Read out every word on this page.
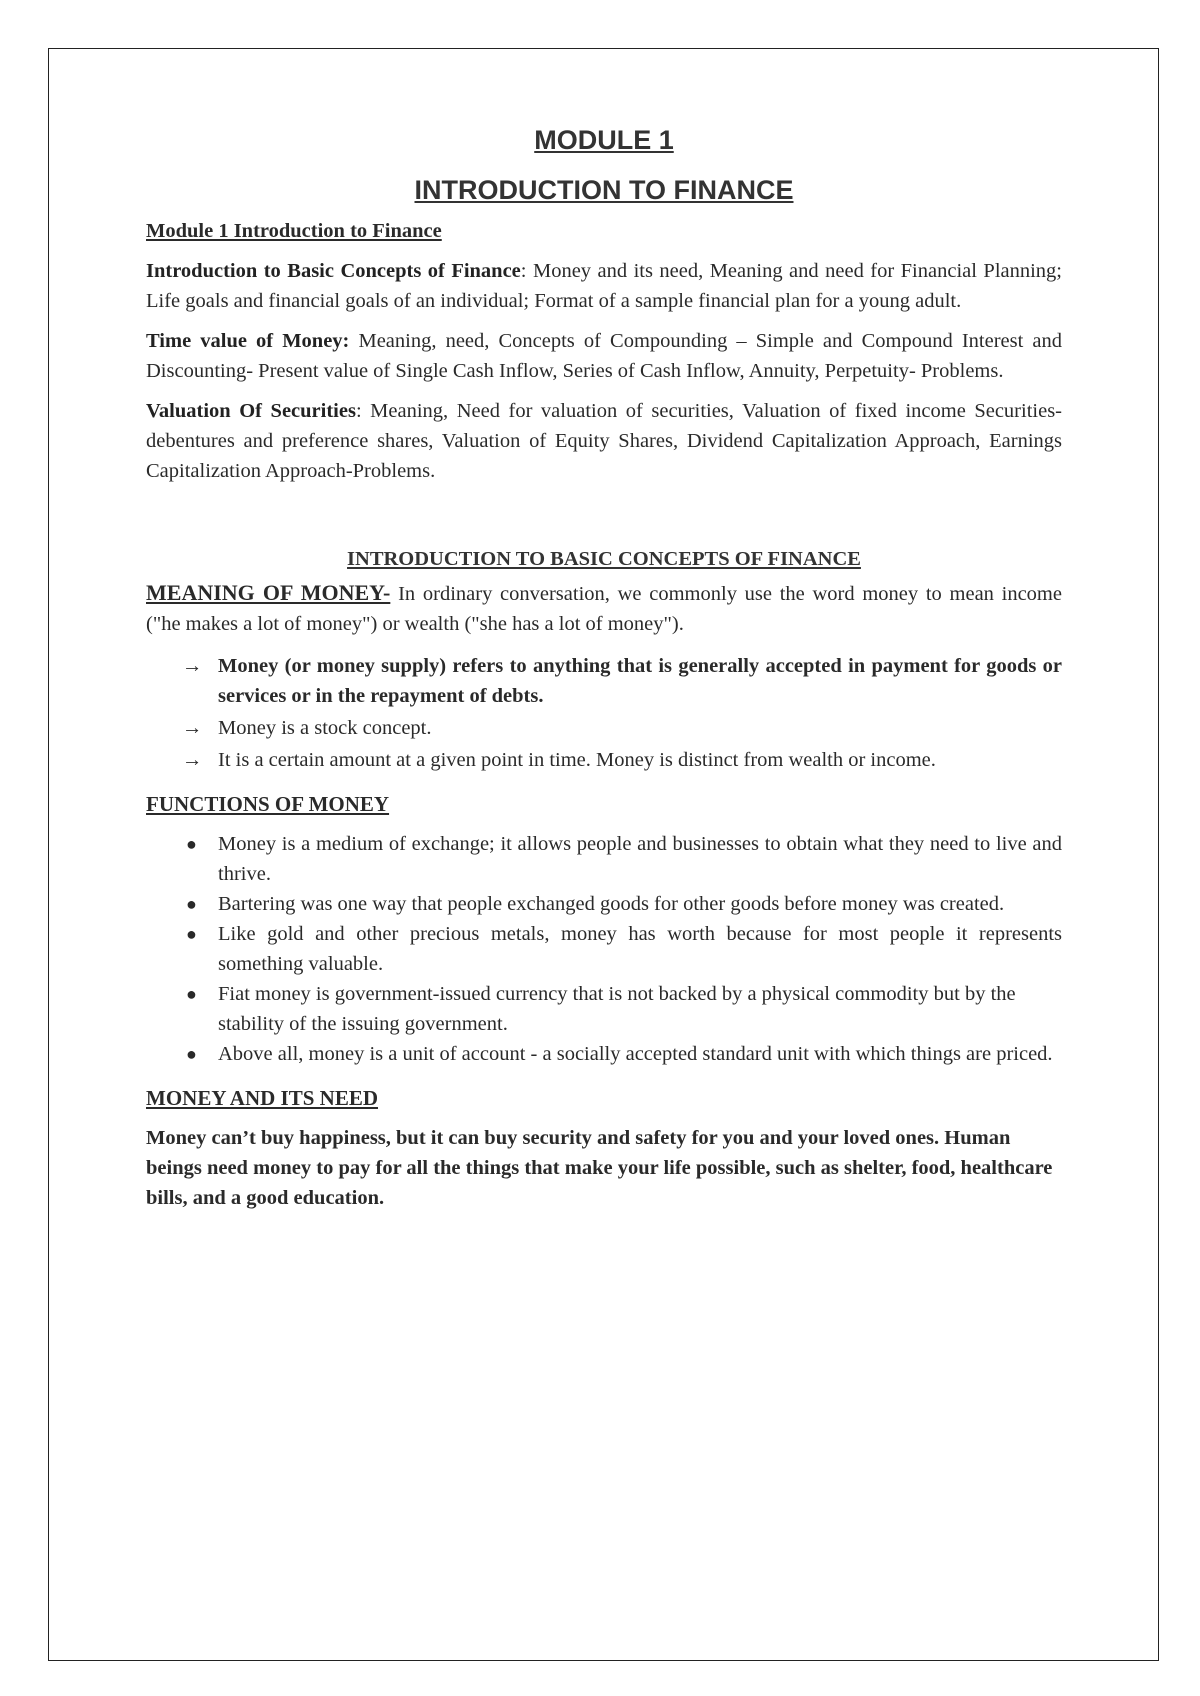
MODULE 1
INTRODUCTION TO FINANCE

Module 1 Introduction to Finance

Introduction to Basic Concepts of Finance: Money and its need, Meaning and need for Financial Planning; Life goals and financial goals of an individual; Format of a sample financial plan for a young adult.

Time value of Money: Meaning, need, Concepts of Compounding – Simple and Compound Interest and Discounting- Present value of Single Cash Inflow, Series of Cash Inflow, Annuity, Perpetuity- Problems.

Valuation Of Securities: Meaning, Need for valuation of securities, Valuation of fixed income Securities- debentures and preference shares, Valuation of Equity Shares, Dividend Capitalization Approach, Earnings Capitalization Approach-Problems.

INTRODUCTION TO BASIC CONCEPTS OF FINANCE

MEANING OF MONEY- In ordinary conversation, we commonly use the word money to mean income ("he makes a lot of money") or wealth ("she has a lot of money").

→ Money (or money supply) refers to anything that is generally accepted in payment for goods or services or in the repayment of debts.
→ Money is a stock concept.
→ It is a certain amount at a given point in time. Money is distinct from wealth or income.

FUNCTIONS OF MONEY

● Money is a medium of exchange; it allows people and businesses to obtain what they need to live and thrive.
● Bartering was one way that people exchanged goods for other goods before money was created.
● Like gold and other precious metals, money has worth because for most people it represents something valuable.
● Fiat money is government-issued currency that is not backed by a physical commodity but by the stability of the issuing government.
● Above all, money is a unit of account - a socially accepted standard unit with which things are priced.

MONEY AND ITS NEED

Money can’t buy happiness, but it can buy security and safety for you and your loved ones. Human beings need money to pay for all the things that make your life possible, such as shelter, food, healthcare bills, and a good education.
